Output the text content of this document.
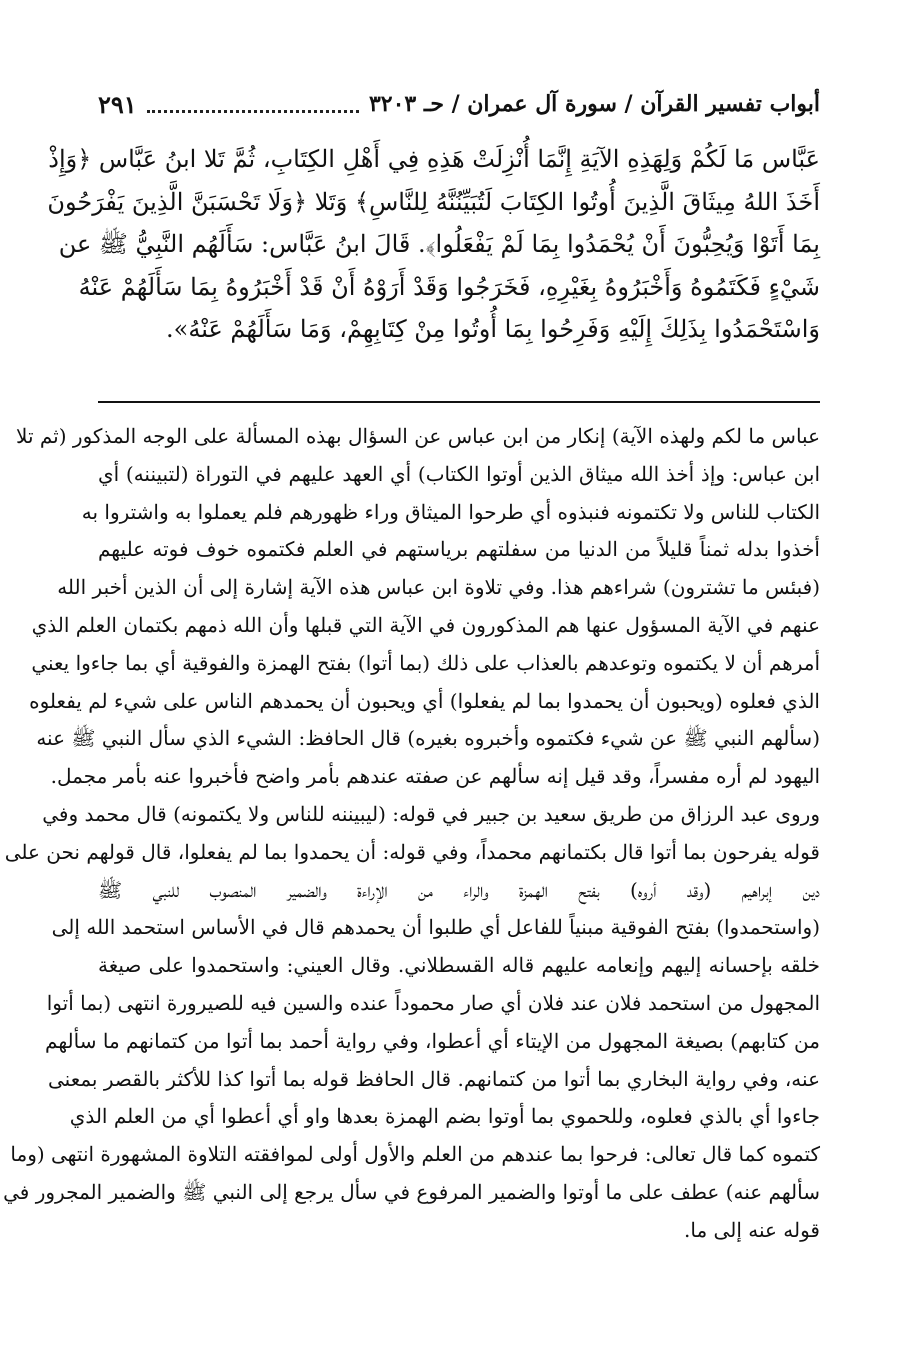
أبواب تفسير القرآن / سورة آل عمران / حـ ٣٢٠٣
٢٩١
عَبَّاس مَا لَكُمْ وَلِهَذِهِ الآيَةِ إِنَّمَا أُنْزِلَتْ هَذِهِ فِي أَهْلِ الكِتَابِ، ثُمَّ تَلا ابنُ عَبَّاس ﴿وَإِذْ
أَخَذَ اللهُ مِيثَاقَ الَّذِينَ أُوتُوا الكِتَابَ لَتُبَيِّنُنَّهُ لِلنَّاسِ﴾ وَتَلا ﴿وَلَا تَحْسَبَنَّ الَّذِينَ يَفْرَحُونَ
بِمَا أَتَوْا وَيُحِبُّونَ أَنْ يُحْمَدُوا بِمَا لَمْ يَفْعَلُوا﴾. قَالَ ابنُ عَبَّاس: سَأَلَهُم النَّبِيُّ ﷺ عن
شَيْءٍ فَكَتَمُوهُ وَأَخْبَرُوهُ بِغَيْرِهِ، فَخَرَجُوا وَقَدْ أَرَوْهُ أَنْ قَدْ أَخْبَرُوهُ بِمَا سَأَلَهُمْ عَنْهُ
وَاسْتَحْمَدُوا بِذَلِكَ إِلَيْهِ وَفَرِحُوا بِمَا أُوتُوا مِنْ كِتَابِهِمْ، وَمَا سَأَلَهُمْ عَنْهُ».
عباس ما لكم ولهذه الآية) إنكار من ابن عباس عن السؤال بهذه المسألة على الوجه المذكور (ثم تلا
ابن عباس: وإذ أخذ الله ميثاق الذين أوتوا الكتاب) أي العهد عليهم في التوراة (لتبيننه) أي
الكتاب للناس ولا تكتمونه فنبذوه أي طرحوا الميثاق وراء ظهورهم فلم يعملوا به واشتروا به
أخذوا بدله ثمناً قليلاً من الدنيا من سفلتهم برياستهم في العلم فكتموه خوف فوته عليهم
(فبئس ما تشترون) شراءهم هذا. وفي تلاوة ابن عباس هذه الآية إشارة إلى أن الذين أخبر الله
عنهم في الآية المسؤول عنها هم المذكورون في الآية التي قبلها وأن الله ذمهم بكتمان العلم الذي
أمرهم أن لا يكتموه وتوعدهم بالعذاب على ذلك (بما أتوا) بفتح الهمزة والفوقية أي بما جاءوا يعني
الذي فعلوه (ويحبون أن يحمدوا بما لم يفعلوا) أي ويحبون أن يحمدهم الناس على شيء لم يفعلوه
(سألهم النبي ﷺ عن شيء فكتموه وأخبروه بغيره) قال الحافظ: الشيء الذي سأل النبي ﷺ عنه
اليهود لم أره مفسراً، وقد قيل إنه سألهم عن صفته عندهم بأمر واضح فأخبروا عنه بأمر مجمل.
وروى عبد الرزاق من طريق سعيد بن جبير في قوله: (ليبيننه للناس ولا يكتمونه) قال محمد وفي
قوله يفرحون بما أتوا قال بكتمانهم محمداً، وفي قوله: أن يحمدوا بما لم يفعلوا، قال قولهم نحن على
دين إبراهيم (وقد أروه) بفتح الهمزة والراء من الإراءة والضمير المنصوب للنبي ﷺ
(واستحمدوا) بفتح الفوقية مبنياً للفاعل أي طلبوا أن يحمدهم قال في الأساس استحمد الله إلى
خلقه بإحسانه إليهم وإنعامه عليهم قاله القسطلاني. وقال العيني: واستحمدوا على صيغة
المجهول من استحمد فلان عند فلان أي صار محموداً عنده والسين فيه للصيرورة انتهى (بما أتوا
من كتابهم) بصيغة المجهول من الإيتاء أي أعطوا، وفي رواية أحمد بما أتوا من كتمانهم ما سألهم
عنه، وفي رواية البخاري بما أتوا من كتمانهم. قال الحافظ قوله بما أتوا كذا للأكثر بالقصر بمعنى
جاءوا أي بالذي فعلوه، وللحموي بما أوتوا بضم الهمزة بعدها واو أي أعطوا أي من العلم الذي
كتموه كما قال تعالى: فرحوا بما عندهم من العلم والأول أولى لموافقته التلاوة المشهورة انتهى (وما
سألهم عنه) عطف على ما أوتوا والضمير المرفوع في سأل يرجع إلى النبي ﷺ والضمير المجرور في
قوله عنه إلى ما.
